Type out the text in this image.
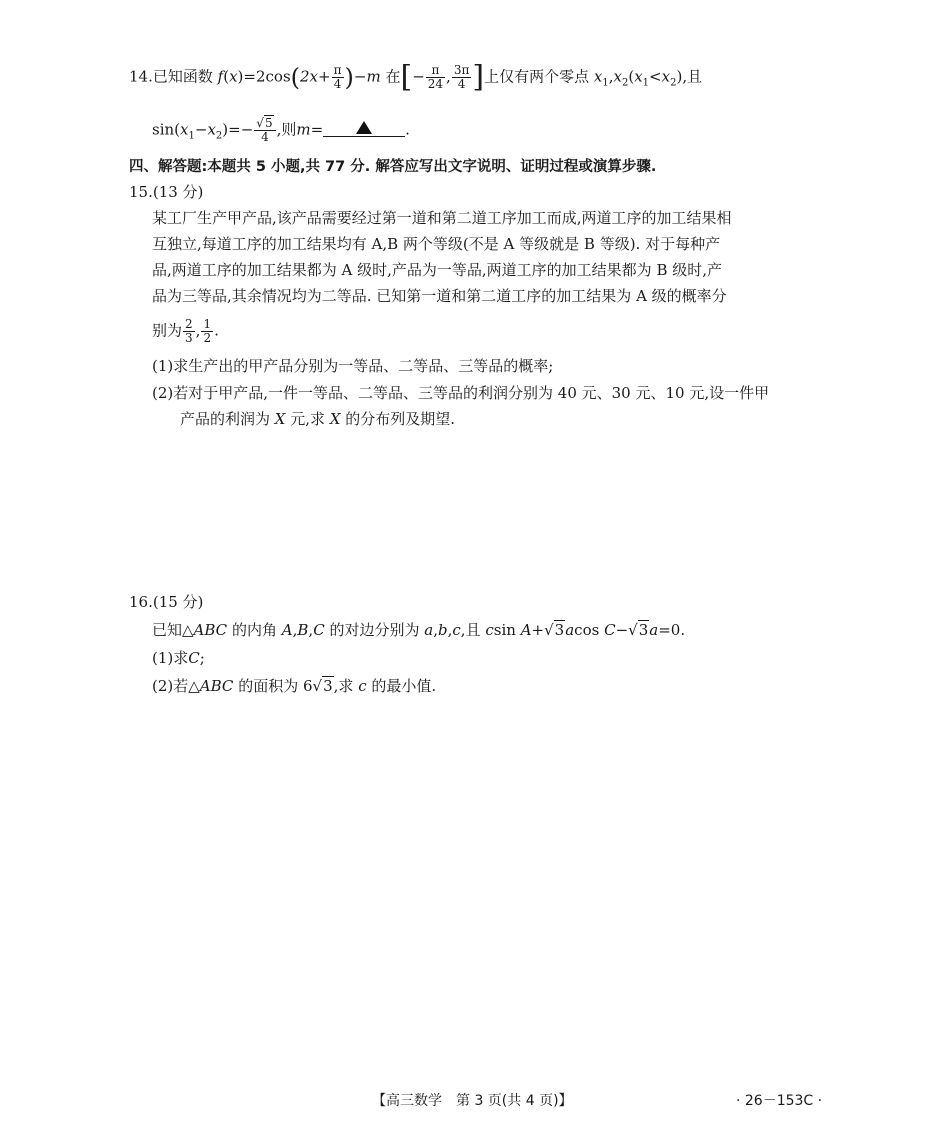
14.已知函数 $f(x)=2\cos(2x+ \frac{\pi}{4} )-m$ 在[− $\frac{\pi}{24}$ , $\frac{3\pi}{4}$ ]上仅有两个零点 $x_1,x_2(x_1<x_2)$,且
$\sin(x_1-x_2)=- \frac{√5}{4}$ ,则m=	.
四、解答题:本题共 5 小题,共 77 分. 解答应写出文字说明、证明过程或演算步骤.
15.(13 分)
某工厂生产甲产品,该产品需要经过第一道和第二道工序加工而成,两道工序的加工结果相
互独立,每道工序的加工结果均有 A,B 两个等级(不是 A 等级就是 B 等级). 对于每种产
品,两道工序的加工结果都为 A 级时,产品为一等品,两道工序的加工结果都为 B 级时,产
品为三等品,其余情况均为二等品. 已知第一道和第二道工序的加工结果为 A 级的概率分
别为 $\frac{2}{3}$ , $\frac{1}{2}$ .
(1)求生产出的甲产品分别为一等品、二等品、三等品的概率;
(2)若对于甲产品,一件一等品、二等品、三等品的利润分别为 40 元、30 元、10 元,设一件甲
产品的利润为 X 元,求 X 的分布列及期望.
16.(15 分)
已知△ABC 的内角 A,B,C 的对边分别为 a,b,c,且 csin A+√3acos C−√3a=0.
(1)求C;
(2)若△ABC 的面积为 6√3,求 c 的最小值.
【高三数学　第 3 页(共 4 页)】	· 26－153C ·
